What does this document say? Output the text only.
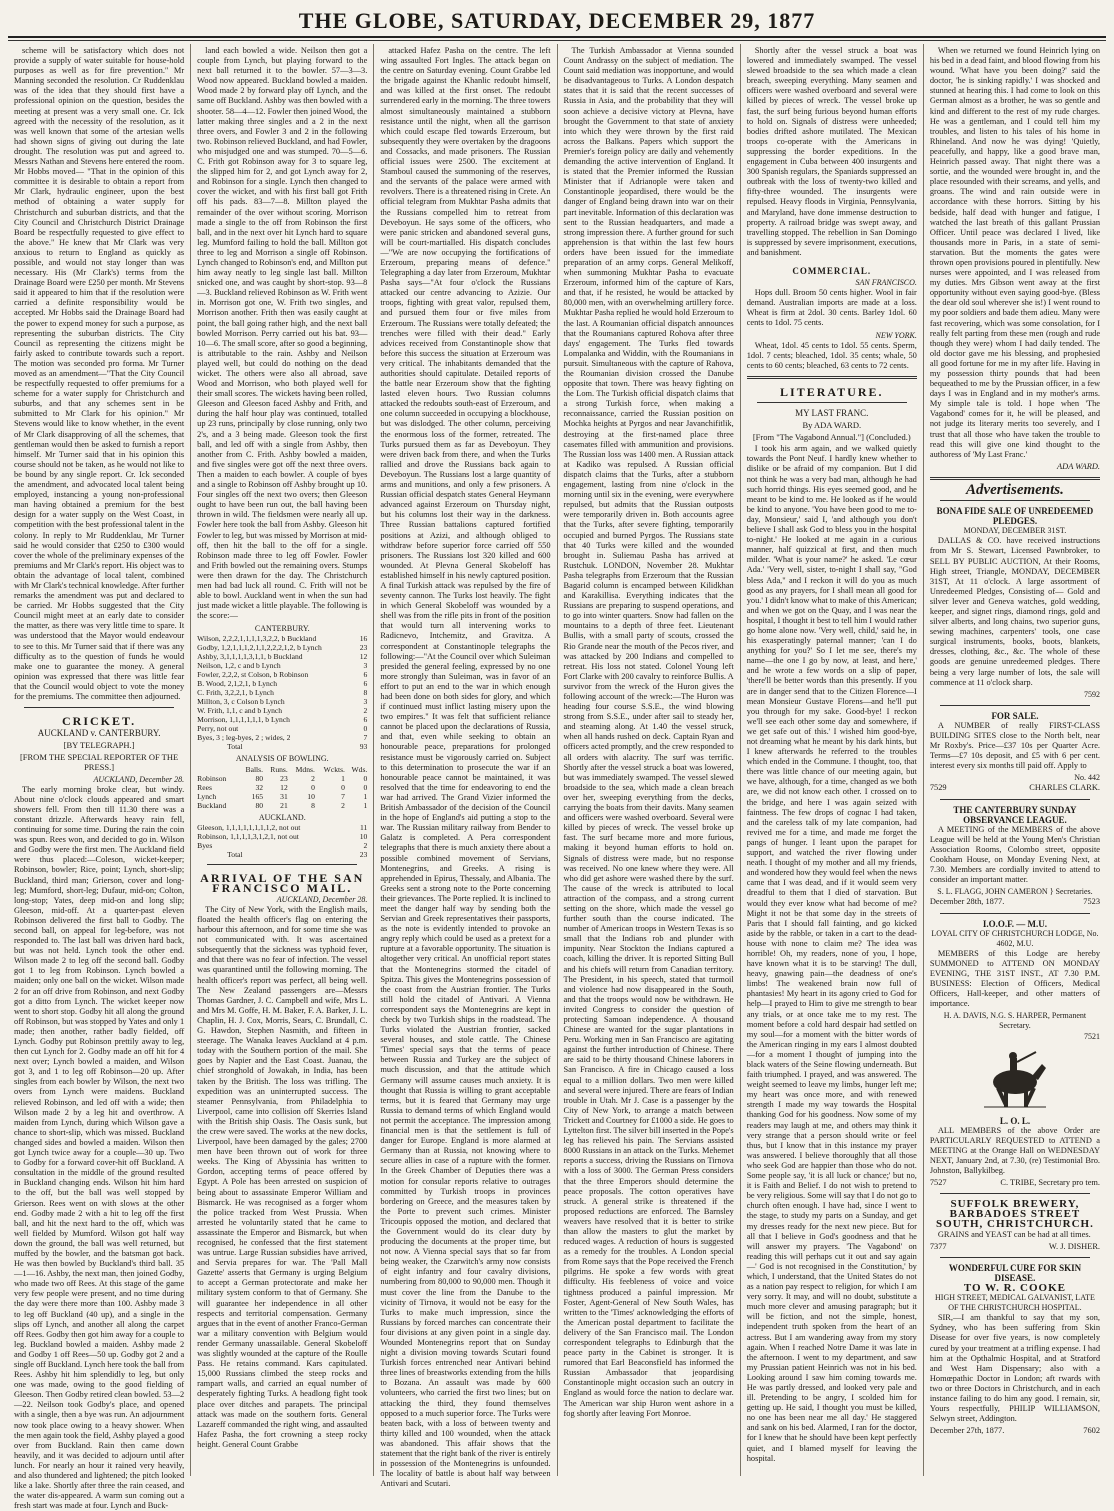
THE GLOBE, SATURDAY, DECEMBER 29, 1877

scheme will be satisfactory which does not provide a supply of water suitable for house-hold purposes as well as for fire prevention." Mr Manning seconded the resolution. Cr Ruddenklau was of the idea that they should first have a professional opinion on the question, besides the meeting at present was a very small one. Cr. Ick agreed with the necessity of the resolution, as it was well known that some of the artesian wells had shown signs of giving out during the late drought. The resolution was put and agreed to. Messrs Nathan and Stevens here entered the room. Mr Hobbs moved— "That in the opinion of this committee it is desirable to obtain a report from Mr Clark, hydraulic engineer, upon the best method of obtaining a water supply for Christchurch and suburban districts, and that the City Council and Christchurch District Drainage Board be respectfully requested to give effect to the above." He knew that Mr Clark was very anxious to return to England as quickly as possible, and would not stay longer than was necessary. His (Mr Clark's) terms from the Drainage Board were £250 per month. Mr Stevens said it appeared to him that if the resolution were carried a definite responsibility would be accepted. Mr Hobbs said the Drainage Board had the power to expend money for such a purpose, as representing the suburban districts. The City Council as representing the citizens might be fairly asked to contribute towards such a report. The motion was seconded pro forma. Mr Turner moved as an amendment—"That the City Council be respectfully requested to offer premiums for a scheme for a water supply for Christchurch and suburbs, and that any schemes sent in be submitted to Mr Clark for his opinion." Mr Stevens would like to know whether, in the event of Mr Clark disapproving of all the schemes, that gentleman would then be asked to furnish a report himself. Mr Turner said that in his opinion this course should not be taken, as he would not like to be bound by any single report. Cr. Ick seconded the amendment, and advocated local talent being employed, instancing a young non-professional man having obtained a premium for the best design for a water supply on the West Coast, in competition with the best professional talent in the colony. In reply to Mr Ruddenklau, Mr Turner said he would consider that £250 to £300 would cover the whole of the preliminary expenses of the premiums and Mr Clark's report. His object was to obtain the advantage of local talent, combined with Mr Clark's technical knowledge. After further remarks the amendment was put and declared to be carried. Mr Hobbs suggested that the City Council might meet at an early date to consider the matter, as there was very little time to spare. It was understood that the Mayor would endeavour to see to this. Mr Turner said that if there was any difficulty as to the question of funds he would make one to guarantee the money. A general opinion was expressed that there was little fear that the Council would object to vote the money for the premiums. The committee then adjourned.

CRICKET.
AUCKLAND v. CANTERBURY.
[BY TELEGRAPH.]
[FROM THE SPECIAL REPORTER OF THE PRESS.]
AUCKLAND, December 28.

The early morning broke clear, but windy. About nine o'clock clouds appeared and smart showers fell. From then till 11.30 there was a constant drizzle. Afterwards heavy rain fell, continuing for some time. During the rain the coin was spun. Rees won, and decided to go in. Wilson and Godby were the first men. The Auckland field were thus placed:—Coleson, wicket-keeper; Robinson, bowler; Rice, point; Lynch, short-slip; Buckland, third man; Grierson, cover and long-leg; Mumford, short-leg; Dufaur, mid-on; Colton, long-stop; Yates, deep mid-on and long slip; Gleeson, mid-off. At a quarter-past eleven Robinson delivered the first ball to Godby. The second ball, on appeal for leg-before, was not responded to. The last ball was driven hard back, but was not held. Lynch took the other end. Wilson made 2 to leg off the second ball. Godby got 1 to leg from Robinson. Lynch bowled a maiden; only one ball on the wicket. Wilson made 2 for an off drive from Robinson, and next Godby got a ditto from Lynch. The wicket keeper now went to short stop. Godby hit all along the ground off Robinson, but was stopped by Yates and only 1 made; then another, rather badly fielded, off Lynch. Godby put Robinson prettily away to leg, then cut Lynch for 2. Godby made an off hit for 4 next over; Lynch bowled a maiden, and Wilson got 3, and 1 to leg off Robinson—20 up. After singles from each bowler by Wilson, the next two overs from Lynch were maidens. Buckland relieved Robinson, and led off with a wide; then Wilson made 2 by a leg hit and overthrow. A maiden from Lynch, during which Wilson gave a chance to short-slip, which was missed. Buckland changed sides and bowled a maiden. Wilson then got Lynch twice away for a couple—30 up. Two to Godby for a forward cover-hit off Buckland. A consultation in the middle of the ground resulted in Buckland changing ends. Wilson hit him hard to the off, but the ball was well stopped by Grierson. Rees went on with slows at the other end. Godby made 2 with a hit to leg off the first ball, and hit the next hard to the off, which was well fielded by Mumford. Wilson got half way down the ground, the ball was well returned, but muffed by the bowler, and the batsman got back. He was then bowled by Buckland's third ball. 35—1—16. Ashby, the next man, then joined Godby, who made two off Rees. At this stage of the game very few people were present, and no time during the day were there more than 100. Ashby made 3 to leg off Buckland (40 up), and a single in the slips off Lynch, and another all along the carpet off Rees. Godby then got him away for a couple to leg. Buckland bowled a maiden. Ashby made 2 and Godby 1 off Rees—50 up. Godby got 2 and a single off Buckland. Lynch here took the ball from Rees. Ashby hit him splendidly to leg, but only one was made, owing to the good fielding of Gleeson. Then Godby retired clean bowled. 53—2—22. Neilson took Godby's place, and opened with a single, then a bye was run. An adjournment now took place owing to a heavy shower. When the men again took the field, Ashby played a good over from Buckland. Rain then came down heavily, and it was decided to adjourn until after lunch. For nearly an hour it rained very heavily, and also thundered and lightened; the pitch looked like a lake. Shortly after three the rain ceased, and the water dis-appeared. A warm sun coming out a fresh start was made at four. Lynch and Buck-

land each bowled a wide. Neilson then got a couple from Lynch, but playing forward to the next ball returned it to the bowler. 57—3—3. Wood now appeared. Buckland bowled a maiden. Wood made 2 by forward play off Lynch, and the same off Buckland. Ashby was then bowled with a shooter. 58—4—12. Fowler then joined Wood, the latter making three singles and a 2 in the next three overs, and Fowler 3 and 2 in the following two. Robinson relieved Buckland, and had Fowler, who misjudged one and was stumped. 70—5—6. C. Frith got Robinson away for 3 to square leg, the slipped him for 2, and got Lynch away for 2, and Robinson for a single. Lynch then changed to cover the wicket, and with his first ball got Frith off his pads. 83—7—8. Millton played the remainder of the over without scoring. Morrison made a single to the off from Robinson the first ball, and in the next over hit Lynch hard to square leg. Mumford failing to hold the ball. Millton got three to leg and Morrison a single off Robinson. Lynch changed to Robinson's end, and Millton put him away neatly to leg single last ball. Millton snicked one, and was caught by short-stop. 93—8—3. Buckland relieved Robinson as W. Frith went in. Morrison got one, W. Frith two singles, and Morrison another. Frith then was easily caught at point, the ball going rather high, and the next ball bowled Morrison. Perry carried out his bat. 93—10—6. The small score, after so good a beginning, is attributable to the rain. Ashby and Neilson played well, but could do nothing on the dead wicket. The others were also all abroad, save Wood and Morrison, who both played well for their small scores. The wickets having been rolled, Gleeson and Gleeson faced Ashby and Frith, and during the half hour play was continued, totalled up 23 runs, principally by close running, only two 2's, and a 3 being made. Gleeson took the first ball, and led off with a single from Ashby, then another from C. Frith. Ashby bowled a maiden, and five singles were got off the next three overs. Then a maiden to each bowler. A couple of byes and a single to Robinson off Ashby brought up 10. Four singles off the next two overs; then Gleeson ought to have been run out, the ball having been thrown in wild. The fieldsmen were nearly all up. Fowler here took the ball from Ashby. Gleeson hit Fowler to leg, but was missed by Morrison at mid-off, then hit the ball to the off for a single. Robinson made three to leg off Fowler. Fowler and Frith bowled out the remaining overs. Stumps were then drawn for the day. The Christchurch men had bad luck all round. C. Frith will not be able to bowl. Auckland went in when the sun had just made wicket a little playable. The following is the score:—

CANTERBURY.
Wilson, 2,2,2,1,1,1,1,3,2,2, b Buckland	16
Godby, 1,2,1,1,1,2,1,1,2,2,2,1,2, b Lynch	23
Ashby, 3,1,1,1,1,3,1,1, b Buckland	12
Neilson, 1,2, c and b Lynch	3
Fowler, 2,2,2, st Colson, b Robinson	6
B. Wood, 2,1,2,1, b Lynch	6
C. Frith, 3,2,2,1, b Lynch	8
Millton, 3, c Colson b Lynch	3
W. Frith, 1,1, c and b Lynch	2
Morrison, 1,1,1,1,1,1, b Lynch	6
Perry, not out	0
Byes, 3 ; leg-byes, 2 ; wides, 2	7
Total	93
ANALYSIS OF BOWLING.
	Balls.	Runs.	Mdns.	Wckts.	Wds.
Robinson	80	23	2	1	0
Rees	32	12	0	0	0
Lynch	165	31	10	7	1
Buckland	80	21	8	2	1
AUCKLAND.
Gleeson, 1,1,1,1,1,1,1,1,2, not out	11
Robinson, 1,1,1,1,3,1,2,1, not out	10
Byes	2
Total	23
ARRIVAL OF THE SAN FRANCISCO MAIL.
AUCKLAND, December 28.

The City of New York, with the English mails, floated the health officer's flag on entering the harbour this afternoon, and for some time she was not communicated with. It was ascertained subsequently that the sickness was typhoid fever, and that there was no fear of infection. The vessel was quarantined until the following morning. The health officer's report was perfect, all being well. The New Zealand passengers are—Messrs Thomas Gardner, J. C. Campbell and wife, Mrs L. and Mrs M. Goffe, H. M. Baker, F. A. Barker, J. L. Chaplin, H. J. Cox, Morris, Sears, C. Brundall, C. G. Hawdon, Stephen Nasmith, and fifteen in steerage. The Wanaka leaves Auckland at 4 p.m. today with the Southern portion of the mail. She goes by Napier and the East Coast. Juanau, the chief stronghold of Jowakah, in India, has been taken by the British. The loss was trifling. The expedition was an uninterrupted success. The steamer Pennsylvania, from Philadelphia to Liverpool, came into collision off Skerries Island with the British ship Oasis. The Oasis sunk, but the crew were saved. The works at the new docks, Liverpool, have been damaged by the gales; 2700 men have been thrown out of work for three weeks. The King of Abyssinia has written to Gordon, accepting terms of peace offered by Egypt. A Pole has been arrested on suspicion of being about to assassinate Emperor William and Bismarck. He was recognised as a forger whom the police tracked from West Prussia. When arrested he voluntarily stated that he came to assassinate the Emperor and Bismarck, but when recognised, he confessed that the first statement was untrue. Large Russian subsidies have arrived, and Servia prepares for war. The 'Pall Mall Gazette' asserts that Germany is urging Belgium to accept a German protectorate and make her military system conform to that of Germany. She will guarantee her independence in all other respects and territorial compensation. Germany argues that in the event of another Franco-German war a military convention with Belgium would render Germany unassailable. General Skobeloff was slightly wounded at the capture of the Roulle Pass. He retains command. Kars capitulated. 15,000 Russians climbed the steep rocks and rampart walls, and carried an equal number of desperately fighting Turks. A headlong fight took place over ditches and parapets. The principal attack was made on the southern forts. General Lazareff commanded the right wing, and assaulted Hafez Pasha, the fort crowning a steep rocky height. General Count Grabbe

attacked Hafez Pasha on the centre. The left wing assaulted Fort Ingles. The attack began on the centre on Saturday evening. Count Grabbe led the brigade against the Khanlic redoubt himself, and was killed at the first onset. The redoubt surrendered early in the morning. The three towers almost simultaneously maintained a stubborn resistance until the night, when all the garrison which could escape fled towards Erzeroum, but subsequently they were overtaken by the dragoons and Cossacks, and made prisoners. The Russian official issues were 2500. The excitement at Stamboul caused the summoning of the reserves, and the servants of the palace were armed with revolvers. There is a threatened rising in Crete. An official telegram from Mukhtar Pasha admits that the Russians compelled him to retreat from Deveboyun. He says some of the officers, who were panic stricken and abandoned several guns, will be court-martialled. His dispatch concludes—"We are now occupying the fortifications of Erzeroum, preparing means of defence." Telegraphing a day later from Erzeroum, Mukhtar Pasha says—"At four o'clock the Russians attacked our centre advancing to Azizie. Our troops, fighting with great valor, repulsed them, and pursued them four or five miles from Erzeroum. The Russians were totally defeated; the trenches were filled with their dead." Early advices received from Constantinople show that before this success the situation at Erzeroum was very critical. The inhabitants demanded that the authorities should capitulate. Detailed reports of the battle near Erzeroum show that the fighting lasted eleven hours. Two Russian columns attacked the redoubts south-east of Erzeroum, and one column succeeded in occupying a blockhouse, but was dislodged. The other column, perceiving the enormous loss of the former, retreated. The Turks pursued them as far as Deveboyun. They were driven back from there, and when the Turks rallied and drove the Russians back again to Deveboyun. The Russians lost a large quantity of arms and munitions, and only a few prisoners. A Russian official despatch states General Heymann advanced against Erzeroum on Thursday night, but his columns lost their way in the darkness. Three Russian battalions captured fortified positions at Azizi, and although obliged to withdraw before superior force carried off 550 prisoners. The Russians lost 320 killed and 600 wounded. At Plevna General Skobeloff has established himself in his newly captured position. A final Turkish attack was repulsed by the fire of seventy cannon. The Turks lost heavily. The fight in which General Skobeloff was wounded by a shell was from the rifle pits in front of the position that would turn all intervening works to Radicnevo, Intchemitz, and Gravitza. A correspondent at Constantinople telegraphs the following:—"At the Council over which Suleiman presided the general feeling, expressed by no one more strongly than Suleiman, was in favor of an effort to put an end to the war in which enough had been done on both sides for glory, and which if continued must inflict lasting misery upon the two empires." It was felt that sufficient reliance cannot be placed upon the declarations of Russia, and that, even while seeking to obtain an honourable peace, preparations for prolonged resistance must be vigorously carried on. Subject to this determination to prosecute the war if an honourable peace cannot be maintained, it was resolved that the time for endeavoring to end the war had arrived. The Grand Vizier informed the British Ambassador of the decision of the Council in the hope of England's aid putting a stop to the war. The Russian military railway from Bender to Galatz is completed. A Pera correspondent telegraphs that there is much anxiety there about a possible combined movement of Servians, Montenegrins, and Greeks. A rising is apprehended in Epirus, Thessaly, and Albania. The Greeks sent a strong note to the Porte concerning their grievances. The Porte replied. It is inclined to meet the danger half way by sending both the Servian and Greek representatives their passports, as the note is evidently intended to provoke an angry reply which could be used as a pretext for a rupture at a favorable opportunity. The situation is altogether very critical. An unofficial report states that the Montenegrins stormed the citadel of Spitza. This gives the Montenegrins possession of the coast from the Austrian frontier. The Turks still hold the citadel of Antivari. A Vienna correspondent says the Montenegrins are kept in check by two Turkish ships in the roadstead. The Turks violated the Austrian frontier, sacked several houses, and stole cattle. The Chinese 'Times' special says that the terms of peace between Russia and Turkey are the subject of much discussion, and that the attitude which Germany will assume causes much anxiety. It is thought that Russia is willing to grant acceptable terms, but it is feared that Germany may urge Russia to demand terms of which England would not permit the acceptance. The impression among financial men is that the settlement is full of danger for Europe. England is more alarmed at Germany than at Russia, not knowing where to secure allies in case of a rupture with the former. In the Greek Chamber of Deputies there was a motion for consular reports relative to outrages committed by Turkish troops in provinces bordering on Greece, and the measures taken by the Porte to prevent such crimes. Minister Tricoupis opposed the motion, and declared that the Government would do its clear duty by producing the documents at the proper time, but not now. A Vienna special says that so far from being weaker, the Czarwitch's army now consists of eight infantry and four cavalry divisions, numbering from 80,000 to 90,000 men. Though it must cover the line from the Danube to the vicinity of Tirnova, it would not be easy for the Turks to make much impression, since the Russians by forced marches can concentrate their four divisions at any given point in a single day. Wounded Montenegrins report that on Sunday night a division moving towards Scutari found Turkish forces entrenched near Antivari behind three lines of breastworks extending from the hills to Bozana. An assault was made by 600 volunteers, who carried the first two lines; but on attacking the third, they found themselves opposed to a much superior force. The Turks were beaten back, with a loss of between twenty and thirty killed and 100 wounded, when the attack was abandoned. This affair shows that the statement that the right bank of the river is entirely in possession of the Montenegrins is unfounded. The locality of battle is about half way between Antivari and Scutari.

The Turkish Ambassador at Vienna sounded Count Andrassy on the subject of mediation. The Count said mediation was inopportune, and would be disadvantageous to Turks. A London despatch states that it is said that the recent successes of Russia in Asia, and the probability that they will soon achieve a decisive victory at Plevna, have brought the Government to that state of anxiety into which they were thrown by the first raid across the Balkans. Papers which support the Premier's foreign policy are daily and vehemently demanding the active intervention of England. It is stated that the Premier informed the Russian Minister that if Adrianople were taken and Constantinople jeopardised, there would be the danger of England being drawn into war on their part inevitable. Information of this declaration was sent to the Russian headquarters, and made a strong impression there. A further ground for such apprehension is that within the last few hours orders have been issued for the immediate preparation of an army corps. General Melikoff, when summoning Mukhtar Pasha to evacuate Erzeroum, informed him of the capture of Kars, and that, if he resisted, he would be attacked by 80,000 men, with an overwhelming artillery force. Mukhtar Pasha replied he would hold Erzeroum to the last. A Roumanian official dispatch announces that the Roumanians captured Rohova after three days' engagement. The Turks fled towards Lompalanka and Widdin, with the Roumanians in pursuit. Simultaneous with the capture of Rahova, the Roumanian division crossed the Danube opposite that town. There was heavy fighting on the Lom. The Turkish official dispatch claims that a strong Turkish force, when making a reconnaissance, carried the Russian position on Mochka heights at Pyrgos and near Javanchifitlik, destroying at the first-named place three casemates filled with ammunition and provisions. The Russian loss was 1400 men. A Russian attack at Kadiko was repulsed. A Russian official dispatch claims that the Turks, after a stubborn engagement, lasting from nine o'clock in the morning until six in the evening, were everywhere repulsed, but admits that the Russian outposts were temporarily driven in. Both accounts agree that the Turks, after severe fighting, temporarily occupied and burned Pyrgos. The Russians state that 40 Turks were killed and the wounded brought in. Suliemau Pasha has arrived at Rustchuk. LONDON, November 28. Mukhtar Pasha telegraphs from Erzeroum that the Russian Bagarid column is encamped between Kilidkhan and Karakillisa. Everything indicates that the Russians are preparing to suspend operations, and to go into winter quarters. Snow had fallen on the mountains to a depth of three feet. Lieutenant Bullis, with a small party of scouts, crossed the Rio Grande near the mouth of the Pecos river, and was attacked by 200 Indians and compelled to retreat. His loss not stated. Colonel Young left Fort Clarke with 200 cavalry to reinforce Bullis. A survivor from the wreck of the Huron gives the following account of the wreck:—The Huron was heading four course S.S.E., the wind blowing strong from S.S.E., under after sail to steady her, and steaming along. At 1.40 the vessel struck, when all hands rushed on deck. Captain Ryan and officers acted promptly, and the crew responded to all orders with alacrity. The surf was terrific. Shortly after the vessel struck a boat was lowered, but was immediately swamped. The vessel slewed broadside to the sea, which made a clean breach over her, sweeping everything from the decks, carrying the boats from their davits. Many seamen and officers were washed overboard. Several were killed by pieces of wreck. The vessel broke up fast. The surf became more and more furious, making it beyond human efforts to hold on. Signals of distress were made, but no response was received. No one knew where they were. All who did get ashore were washed there by the surf. The cause of the wreck is attributed to local attraction of the compass, and a strong current setting on the shore, which made the vessel go further south than the course indicated. The number of American troops in Western Texas is so small that the Indians rob and plunder with impunity. Near Stockton the Indians captured a coach, killing the driver. It is reported Sitting Bull and his chiefs will return from Canadian territory. The President, in his speech, stated that turmoil and violence had now disappeared in the South, and that the troops would now be withdrawn. He invited Congress to consider the question of protecting Samoan independence. A thousand Chinese are wanted for the sugar plantations in Peru. Working men in San Francisco are agitating against the further introduction of Chinese. There are said to be thirty thousand Chinese laborers in San Francisco. A fire in Chicago caused a loss equal to a million dollars. Two men were killed and several were injured. There are fears of Indian trouble in Utah. Mr J. Case is a passenger by the City of New York, to arrange a match between Trickett and Courtney for £1000 a side. He goes to Lyttelton first. The silver bill inserted in the Pope's leg has relieved his pain. The Servians assisted 8000 Russians in an attack on the Turks. Mehemet reports a success, driving the Russians on Tirnova with a loss of 3000. The German Press considers that the three Emperors should determine the peace proposals. The cotton operatives have struck. A general strike is threatened if the proposed reductions are enforced. The Barnsley weavers have resolved that it is better to strike than allow the masters to glut the market by reduced wages. A reduction of hours is suggested as a remedy for the troubles. A London special from Rome says that the Pope received the French pilgrims. He spoke a few words with great difficulty. His feebleness of voice and voice tightness produced a painful impression. Mr Foster, Agent-General of New South Wales, has written to the 'Times' acknowledging the efforts of the American postal department to facilitate the delivery of the San Francisco mail. The London correspondent telegraphs to Edinburgh that the peace party in the Cabinet is stronger. It is rumored that Earl Beaconsfield has informed the Russian Ambassador that jeopardising Constantinople might occasion such an outcry in England as would force the nation to declare war. The American war ship Huron went ashore in a fog shortly after leaving Fort Monroe.

Shortly after the vessel struck a boat was lowered and immediately swamped. The vessel slewed broadside to the sea which made a clean breach, sweeping everything. Many seamen and officers were washed overboard and several were killed by pieces of wreck. The vessel broke up fast, the surf being furious beyond human efforts to hold on. Signals of distress were unheeded; bodies drifted ashore mutilated. The Mexican troops co-operate with the Americans in suppressing the border expeditions. In the engagement in Cuba between 400 insurgents and 300 Spanish regulars, the Spaniards suppressed an outbreak with the loss of twenty-two killed and fifty-three wounded. The insurgents were repulsed. Heavy floods in Virginia, Pennsylvania, and Maryland, have done immense destruction to property. A railroad bridge was swept away, and travelling stopped. The rebellion in San Domingo is suppressed by severe imprisonment, executions, and banishment.

COMMERCIAL.
SAN FRANCISCO.

Hops dull. Broom 50 cents higher. Wool in fair demand. Australian imports are made at a loss. Wheat is firm at 2dol. 30 cents. Barley 1dol. 60 cents to 1dol. 75 cents.

NEW YORK.

Wheat, 1dol. 45 cents to 1dol. 55 cents. Sperm, 1dol. 7 cents; bleached, 1dol. 35 cents; whale, 50 cents to 60 cents; bleached, 63 cents to 72 cents.

LITERATURE.
MY LAST FRANC.
By ADA WARD.
[From "The Vagabond Annual."] (Concluded.)

I took his arm again, and we walked quietly towards the Pont Neuf. I hardly knew whether to dislike or be afraid of my companion. But I did not think he was a very bad man, although he had such horrid things. His eyes seemed good, and he meant to be kind to me. He looked as if he would be kind to anyone. 'You have been good to me to-day, Monsieur,' said I, 'and although you don't believe I shall ask God to bless you in the hospital to-night.' He looked at me again in a curious manner, half quizzical at first, and then much milder. 'What is your name?' he asked. 'Le cœur Ada.' 'Very well, sister, to-night I shall say, "God bless Ada," and I reckon it will do you as much good as any prayers, for I shall mean all good for you.' I didn't know what to make of this American; and when we got on the Quay, and I was near the hospital, I thought it best to tell him I would rather go home alone now. 'Very well, child,' said he, in his exasperatingly paternal manner; 'can I do anything for you?' So I let me see, there's my name—the one I go by now, at least, and here,' and he wrote a few words on a slip of paper, 'there'll be better words than this presently. If you are in danger send that to the Citizen Florence—I mean Monsieur Gustave Florens—and he'll put you through for my sake. Good-bye! I reckon we'll see each other some day and somewhere, if we get safe out of this.' I wished him good-bye, not dreaming what he meant by his dark hints, but I knew afterwards he referred to the troubles which ended in the Commune. I thought, too, that there was little chance of our meeting again, but we have, although, for a time, changed as we both are, we did not know each other. I crossed on to the bridge, and here I was again seized with faintness. The few drops of cognac I had taken, and the careless talk of my late companion, had revived me for a time, and made me forget the pangs of hunger. I leant upon the parapet for support, and watched the river flowing under neath. I thought of my mother and all my friends, and wondered how they would feel when the news came that I was dead, and if it would seem very dreadful to them that I died of starvation. But would they ever know what had become of me? Might it not be that some day in the streets of Paris that I should fall fainting, and go kicked aside by the rabble, or taken in a cart to the dead-house with none to claim me? The idea was horrible! Oh, my readers, none of you, I hope, have known what it is to be starving! The dull, heavy, gnawing pain—the deadness of one's limbs! The weakened brain now full of phantasies! My heart in its agony cried to God for help—I prayed to Him to give me strength to bear any trials, or at once take me to my rest. The moment before a cold hard despair had settled on my soul—for a moment with the bitter words of the American ringing in my ears I almost doubted—for a moment I thought of jumping into the black waters of the Seine flowing underneath. But faith triumphed. I prayed, and was answered. The weight seemed to leave my limbs, hunger left me; my heart was once more, and with renewed strength I made my way towards the Hospital thanking God for his goodness. Now some of my readers may laugh at me, and others may think it very strange that a person should write or feel thus, but I know that in this instance my prayer was answered. I believe thoroughly that all those who seek God are happier than those who do not. Some people say, 'it is all luck or chance;' but no, it is Faith and Belief. I do not wish to pretend to be very religious. Some will say that I do not go to church often enough. I have had, since I went to the stage, to study my parts on a Sunday, and get my dresses ready for the next new piece. But for all that I believe in God's goodness and that he will answer my prayers. 'The Vagabond' on reading this will perhaps cut it out and say again—' God is not recognised in the Constitution,' by which, I understand, that the United States do not as a nation pay respect to religion, for which I am very sorry. It may, and will no doubt, substitute a much more clever and amusing paragraph; but it will be fiction, and not the simple, honest, independent truth spoken from the heart of an actress. But I am wandering away from my story again. When I reached Notre Dame it was late in the afternoon. I went to my department, and saw my Prussian patient Heinrich was not in his bed. Looking around I saw him coming towards me. He was partly dressed, and looked very pale and ill. Pretending to be angry, I scolded him for getting up. He said, I thought you must be killed, no one has been near me all day.' He staggered and sank on his bed. Alarmed, I ran for the doctor, for I knew that he should have been kept perfectly quiet, and I blamed myself for leaving the hospital.

When we returned we found Heinrich lying on his bed in a dead faint, and blood flowing from his wound. 'What have you been doing?' said the doctor, 'he is sinking rapidly.' I was shocked and stunned at hearing this. I had come to look on this German almost as a brother, he was so gentle and kind and different to the rest of my rude charges. He was a gentleman, and I could tell him my troubles, and listen to his tales of his home in Rhineland. And now he was dying! 'Quietly, peacefully, and happy, like a good brave man, Heinrich passed away. That night there was a sortie, and the wounded were brought in, and the place resounded with their screams, and yells, and groans. The wind and rain outside were in accordance with these horrors. Sitting by his bedside, half dead with hunger and fatigue, I watched the last breath of this gallant Prussian Officer. Until peace was declared I lived, like thousands more in Paris, in a state of semi-starvation. But the moments the gates were thrown open provisions poured in plentifully. New nurses were appointed, and I was released from my duties. Mrs Gibson went away at the first opportunity without even saying good-bye. (Bless the dear old soul wherever she is!) I went round to my poor soldiers and bade them adieu. Many were fast recovering, which was some consolation, for I really felt parting from these men (rough and rude though they were) whom I had daily tended. The old doctor gave me his blessing, and prophesied all good fortune for me in my after life. Having in my possession thirty pounds that had been bequeathed to me by the Prussian officer, in a few days I was in England and in my mother's arms. My simple tale is told. I hope when 'The Vagabond' comes for it, he will be pleased, and not judge its literary merits too severely, and I trust that all those who have taken the trouble to read this will give one kind thought to the authoress of 'My Last Franc.'

ADA WARD.
Advertisements.
BONA FIDE SALE OF UNREDEEMED PLEDGES.
MONDAY, DECEMBER 31ST.

DALLAS & CO. have received instructions from Mr S. Stewart, Licensed Pawnbroker, to SELL BY PUBLIC AUCTION, At their Rooms, High street, Triangle, MONDAY, DECEMBER 31ST, At 11 o'clock. A large assortment of Unredeemed Pledges, Consisting of— Gold and silver lever and Geneva watches, gold wedding, keeper, and signet rings, diamond rings, gold and silver alberts, and long chains, two superior guns, sewing machines, carpenters' tools, one case surgical instruments, books, boots, blankets, dresses, clothing, &c., &c. The whole of these goods are genuine unredeemed pledges. There being a very large number of lots, the sale will commence at 11 o'clock sharp.

7592
FOR SALE.

A NUMBER of really FIRST-CLASS BUILDING SITES close to the North belt, near Mr Roxby's. Price—£37 10s per Quarter Acre. Terms—£7 10s deposit, and £5 with 6 per cent. interest every six months till paid off. Apply to

No. 442
7529	CHARLES CLARK.
THE CANTERBURY SUNDAY OBSERVANCE LEAGUE.

A MEETING of the MEMBERS of the above League will be held at the Young Men's Christian Association Rooms, Colombo street, opposite Cookham House, on Monday Evening Next, at 7.30. Members are cordially invited to attend to consider an important matter.

S. L. FLAGG, JOHN CAMERON } Secretaries.
December 28th, 1877.	7523
I.O.O.F. — M.U.
LOYAL CITY OF CHRISTCHURCH LODGE, No. 4602, M.U.

MEMBERS of this Lodge are hereby SUMMONED to ATTEND ON MONDAY EVENING, THE 31ST INST., AT 7.30 P.M. BUSINESS: Election of Officers, Medical Officers, Hall-keeper, and other matters of importance.

H. A. DAVIS, N.G. S. HARPER, Permanent Secretary.
7521
L. O. L.

ALL MEMBERS of the above Order are PARTICULARLY REQUESTED to ATTEND a MEETING at the Orange Hall on WEDNESDAY NEXT, January 2nd, at 7.30, (re) Testimonial Bro. Johnston, Ballykilbeg.

7527	C. TRIBE, Secretary pro tem.
SUFFOLK BREWERY, BARBADOES STREET SOUTH, CHRISTCHURCH.

GRAINS and YEAST can be had at all times.

7377	W. J. DISHER.
WONDERFUL CURE FOR SKIN DISEASE.
TO W. R. COOKE
HIGH STREET, MEDICAL GALVANIST, LATE OF THE CHRISTCHURCH HOSPITAL.

SIR,—I am thankful to say that my son, Sydney, who has been suffering from Skin Disease for over five years, is now completely cured by your treatment at a trifling expense. I had him at the Opthalmic Hospital, and at Stratford and West Ham Dispensary; also with a Homœpathic Doctor in London; aft rwards with two or three Doctors in Christchurch, and in each instance failing to do him any good. I remain, sir, Yours respectfully, PHILIP WILLIAMSON, Selwyn street, Addington.

December 27th, 1877.	7602
